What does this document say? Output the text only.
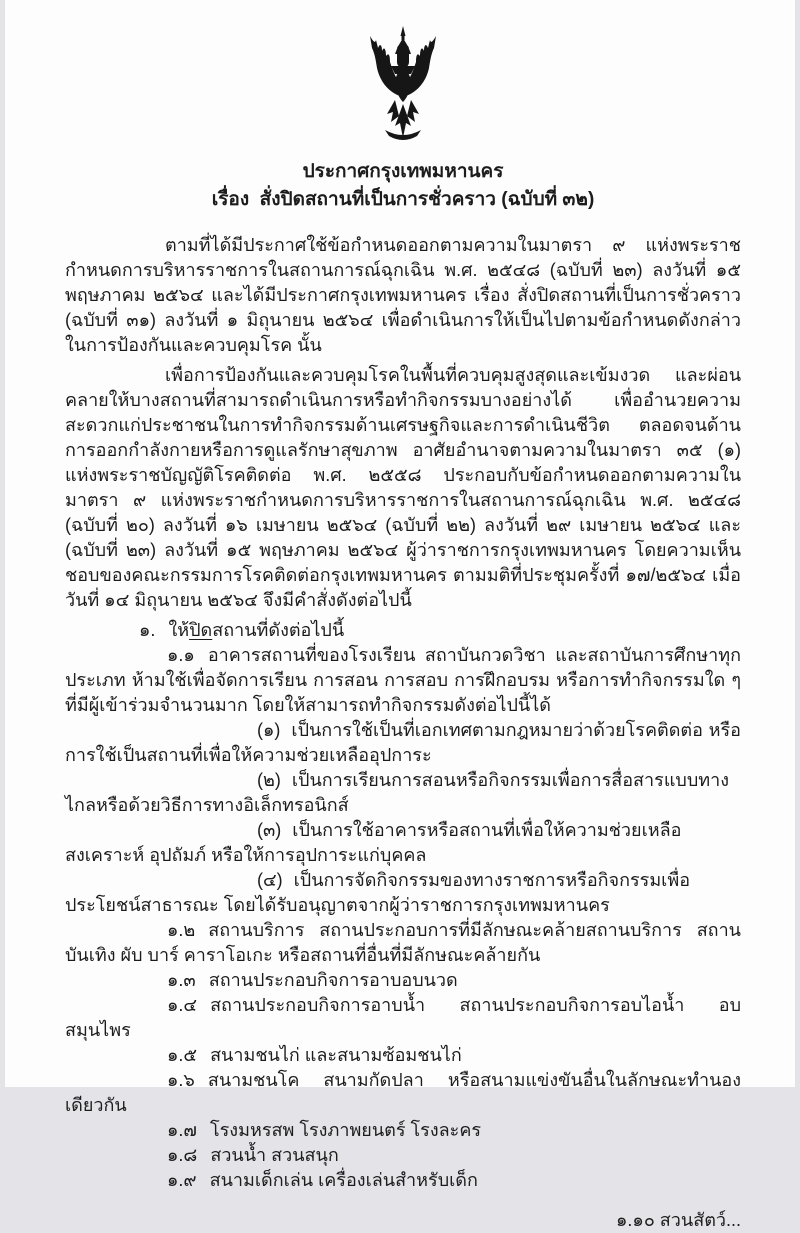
ประกาศกรุงเทพมหานคร
เรื่อง  สั่งปิดสถานที่เป็นการชั่วคราว (ฉบับที่ ๓๒)

ตามที่ได้มีประกาศใช้ข้อกำหนดออกตามความในมาตรา ๙ แห่งพระราชกำหนดการบริหารราชการในสถานการณ์ฉุกเฉิน พ.ศ. ๒๕๔๘ (ฉบับที่ ๒๓) ลงวันที่ ๑๕ พฤษภาคม ๒๕๖๔ และได้มีประกาศกรุงเทพมหานคร เรื่อง สั่งปิดสถานที่เป็นการชั่วคราว (ฉบับที่ ๓๑) ลงวันที่ ๑ มิถุนายน ๒๕๖๔ เพื่อดำเนินการให้เป็นไปตามข้อกำหนดดังกล่าว ในการป้องกันและควบคุมโรค นั้น

เพื่อการป้องกันและควบคุมโรคในพื้นที่ควบคุมสูงสุดและเข้มงวด และผ่อนคลายให้บางสถานที่สามารถดำเนินการหรือทำกิจกรรมบางอย่างได้ เพื่ออำนวยความสะดวกแก่ประชาชนในการทำกิจกรรมด้านเศรษฐกิจและการดำเนินชีวิต ตลอดจนด้านการออกกำลังกายหรือการดูแลรักษาสุขภาพ อาศัยอำนาจตามความในมาตรา ๓๕ (๑) แห่งพระราชบัญญัติโรคติดต่อ พ.ศ. ๒๕๕๘ ประกอบกับข้อกำหนดออกตามความในมาตรา ๙ แห่งพระราชกำหนดการบริหารราชการในสถานการณ์ฉุกเฉิน พ.ศ. ๒๕๔๘ (ฉบับที่ ๒๐) ลงวันที่ ๑๖ เมษายน ๒๕๖๔ (ฉบับที่ ๒๒) ลงวันที่ ๒๙ เมษายน ๒๕๖๔ และ (ฉบับที่ ๒๓) ลงวันที่ ๑๕ พฤษภาคม ๒๕๖๔ ผู้ว่าราชการกรุงเทพมหานคร โดยความเห็นชอบของคณะกรรมการโรคติดต่อกรุงเทพมหานคร ตามมติที่ประชุมครั้งที่ ๑๗/๒๕๖๔ เมื่อวันที่ ๑๔ มิถุนายน ๒๕๖๔ จึงมีคำสั่งดังต่อไปนี้

๑. ให้ปิดสถานที่ดังต่อไปนี้

๑.๑ อาคารสถานที่ของโรงเรียน สถาบันกวดวิชา และสถาบันการศึกษาทุกประเภท ห้ามใช้เพื่อจัดการเรียน การสอน การสอบ การฝึกอบรม หรือการทำกิจกรรมใด ๆ ที่มีผู้เข้าร่วมจำนวนมาก โดยให้สามารถทำกิจกรรมดังต่อไปนี้ได้

(๑) เป็นการใช้เป็นที่เอกเทศตามกฎหมายว่าด้วยโรคติดต่อ หรือการใช้เป็นสถานที่เพื่อให้ความช่วยเหลืออุปการะ

(๒) เป็นการเรียนการสอนหรือกิจกรรมเพื่อการสื่อสารแบบทางไกลหรือด้วยวิธีการทางอิเล็กทรอนิกส์

(๓) เป็นการใช้อาคารหรือสถานที่เพื่อให้ความช่วยเหลือ สงเคราะห์ อุปถัมภ์ หรือให้การอุปการะแก่บุคคล

(๔) เป็นการจัดกิจกรรมของทางราชการหรือกิจกรรมเพื่อประโยชน์สาธารณะ โดยได้รับอนุญาตจากผู้ว่าราชการกรุงเทพมหานคร

๑.๒ สถานบริการ สถานประกอบการที่มีลักษณะคล้ายสถานบริการ สถานบันเทิง ผับ บาร์ คาราโอเกะ หรือสถานที่อื่นที่มีลักษณะคล้ายกัน

๑.๓ สถานประกอบกิจการอาบอบนวด

๑.๔ สถานประกอบกิจการอาบน้ำ สถานประกอบกิจการอบไอน้ำ อบสมุนไพร

๑.๕ สนามชนไก่ และสนามซ้อมชนไก่

๑.๖ สนามชนโค สนามกัดปลา หรือสนามแข่งขันอื่นในลักษณะทำนองเดียวกัน

๑.๗ โรงมหรสพ โรงภาพยนตร์ โรงละคร

๑.๘ สวนน้ำ สวนสนุก

๑.๙ สนามเด็กเล่น เครื่องเล่นสำหรับเด็ก

๑.๑๐ สวนสัตว์...
